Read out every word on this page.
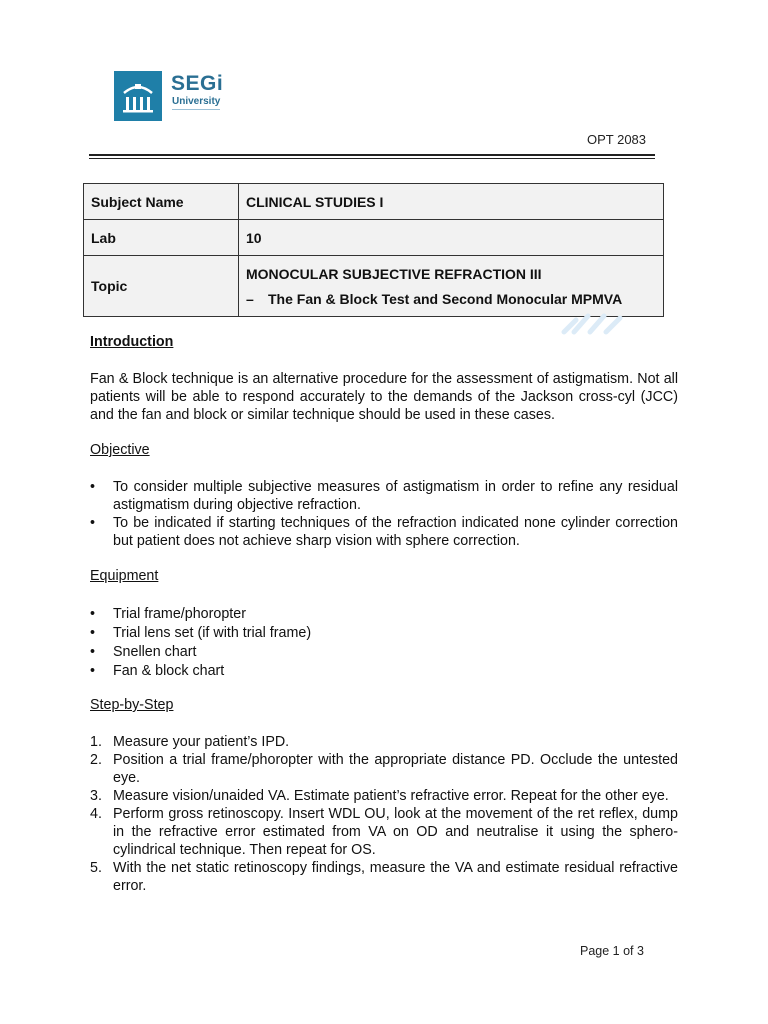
SEGi
University
OPT 2083
Subject Name	CLINICAL STUDIES I
Lab	10
Topic	MONOCULAR SUBJECTIVE REFRACTION III
– The Fan & Block Test and Second Monocular MPMVA
Introduction
Fan & Block technique is an alternative procedure for the assessment of astigmatism. Not all patients will be able to respond accurately to the demands of the Jackson cross-cyl (JCC) and the fan and block or similar technique should be used in these cases.
Objective
• To consider multiple subjective measures of astigmatism in order to refine any residual astigmatism during objective refraction.
• To be indicated if starting techniques of the refraction indicated none cylinder correction but patient does not achieve sharp vision with sphere correction.
Equipment
• Trial frame/phoropter
• Trial lens set (if with trial frame)
• Snellen chart
• Fan & block chart
Step-by-Step
1. Measure your patient’s IPD.
2. Position a trial frame/phoropter with the appropriate distance PD. Occlude the untested eye.
3. Measure vision/unaided VA. Estimate patient’s refractive error. Repeat for the other eye.
4. Perform gross retinoscopy. Insert WDL OU, look at the movement of the ret reflex, dump in the refractive error estimated from VA on OD and neutralise it using the sphero-cylindrical technique. Then repeat for OS.
5. With the net static retinoscopy findings, measure the VA and estimate residual refractive error.
Page 1 of 3
